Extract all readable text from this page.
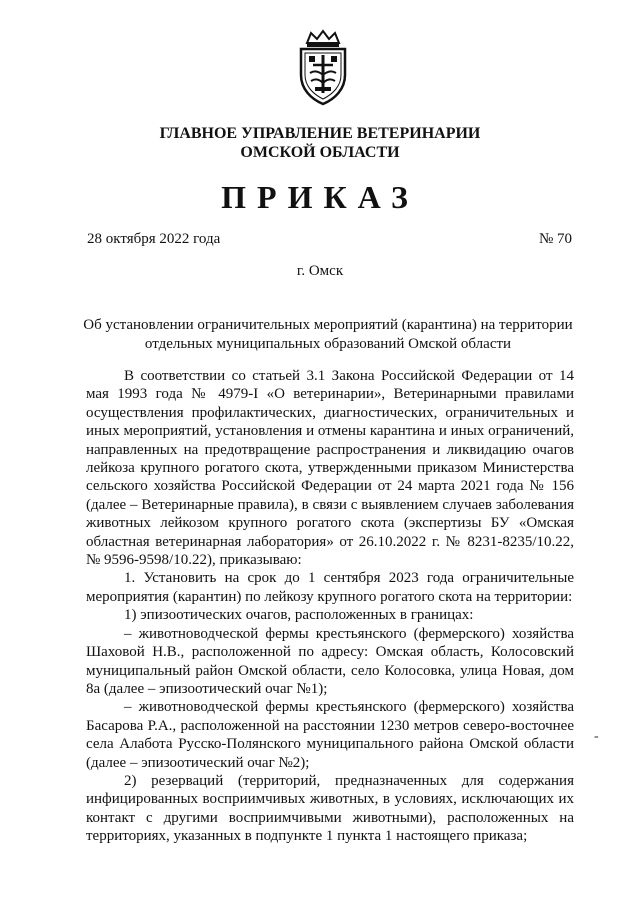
ГЛАВНОЕ УПРАВЛЕНИЕ ВЕТЕРИНАРИИ
ОМСКОЙ ОБЛАСТИ
ПРИКАЗ
28 октября 2022 года	№ 70
г. Омск
Об установлении ограничительных мероприятий (карантина) на территории
отдельных муниципальных образований Омской области

В соответствии со статьей 3.1 Закона Российской Федерации от 14 мая 1993 года № 4979-I «О ветеринарии», Ветеринарными правилами осуществления профилактических, диагностических, ограничительных и иных мероприятий, установления и отмены карантина и иных ограничений, направленных на предотвращение распространения и ликвидацию очагов лейкоза крупного рогатого скота, утвержденными приказом Министерства сельского хозяйства Российской Федерации от 24 марта 2021 года № 156 (далее – Ветеринарные правила), в связи с выявлением случаев заболевания животных лейкозом крупного рогатого скота (экспертизы БУ «Омская областная ветеринарная лаборатория» от 26.10.2022 г. № 8231-8235/10.22, № 9596-9598/10.22), приказываю:

1. Установить на срок до 1 сентября 2023 года ограничительные мероприятия (карантин) по лейкозу крупного рогатого скота на территории:

1) эпизоотических очагов, расположенных в границах:

– животноводческой фермы крестьянского (фермерского) хозяйства Шаховой Н.В., расположенной по адресу: Омская область, Колосовский муниципальный район Омской области, село Колосовка, улица Новая, дом 8а (далее – эпизоотический очаг №1);

– животноводческой фермы крестьянского (фермерского) хозяйства Басарова Р.А., расположенной на расстоянии 1230 метров северо-восточнее села Алабота Русско-Полянского муниципального района Омской области (далее – эпизоотический очаг №2);

2) резерваций (территорий, предназначенных для содержания инфицированных восприимчивых животных, в условиях, исключающих их контакт с другими восприимчивыми животными), расположенных на территориях, указанных в подпункте 1 пункта 1 настоящего приказа;

-
